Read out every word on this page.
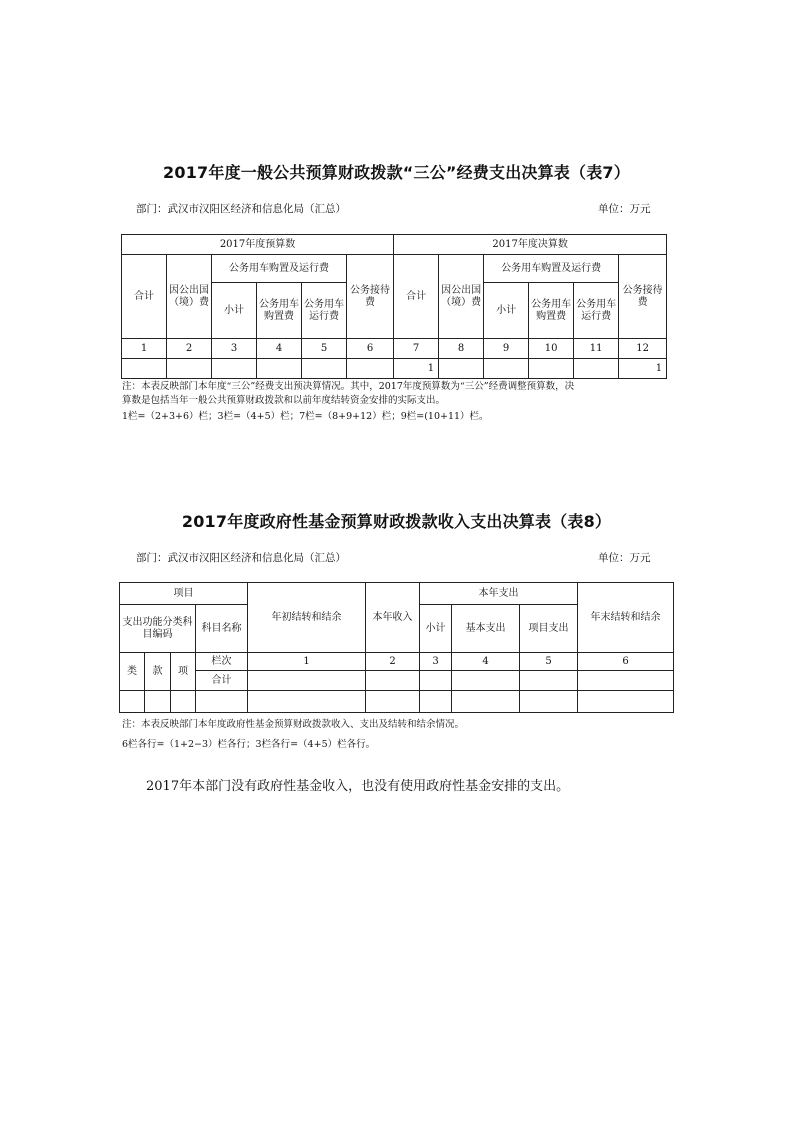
2017年度一般公共预算财政拨款“三公”经费支出决算表（表7）
部门：武汉市汉阳区经济和信息化局（汇总）	单位：万元
2017年度预算数						2017年度决算数					
合计	因公出国（境）费	公务用车购置及运行费			公务接待费	合计	因公出国（境）费	公务用车购置及运行费			公务接待费
		小计	公务用车购置费	公务用车运行费				小计	公务用车购置费	公务用车运行费	
1	2	3	4	5	6	7	8	9	10	11	12
						1					1
注：本表反映部门本年度“三公”经费支出预决算情况。其中，2017年度预算数为“三公”经费调整预算数，决
算数是包括当年一般公共预算财政拨款和以前年度结转资金安排的实际支出。
1栏=（2+3+6）栏；3栏=（4+5）栏；7栏=（8+9+12）栏；9栏=(10+11）栏。
2017年度政府性基金预算财政拨款收入支出决算表（表8）
部门：武汉市汉阳区经济和信息化局（汇总）	单位：万元
项目				年初结转和结余	本年收入	本年支出			年末结转和结余
支出功能分类科目编码			科目名称			小计	基本支出	项目支出	
类	款	项	栏次	1	2	3	4	5	6
			合计						

注：本表反映部门本年度政府性基金预算财政拨款收入、支出及结转和结余情况。
6栏各行=（1+2−3）栏各行；3栏各行=（4+5）栏各行。
2017年本部门没有政府性基金收入，也没有使用政府性基金安排的支出。
